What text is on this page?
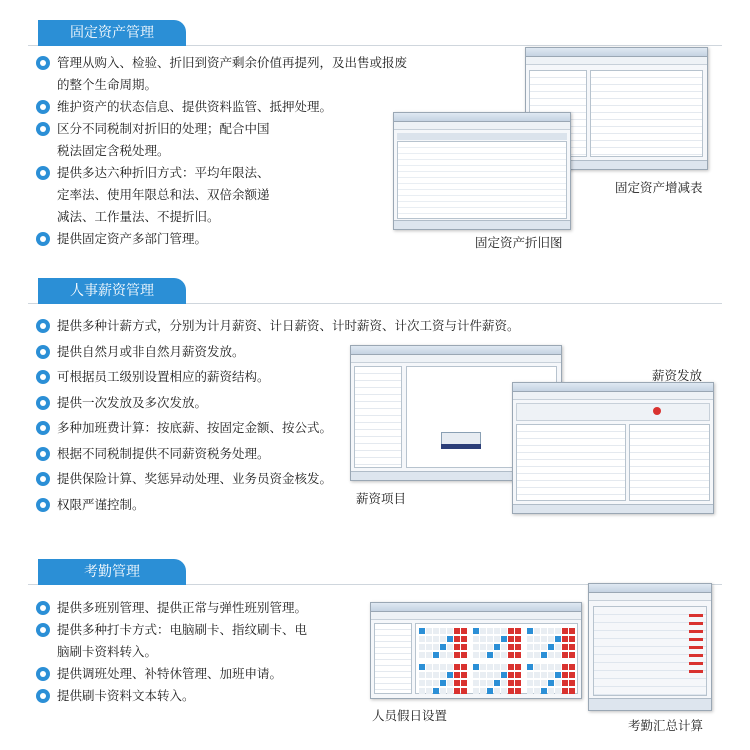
固定资产管理
管理从购入、检验、折旧到资产剩余价值再提列，及出售或报废
的整个生命周期。
维护资产的状态信息、提供资料监管、抵押处理。
区分不同税制对折旧的处理；配合中国
税法固定含税处理。
提供多达六种折旧方式：平均年限法、
定率法、使用年限总和法、双倍余额递
减法、工作量法、不提折旧。
提供固定资产多部门管理。	固定资产折旧图
固定资产增减表
人事薪资管理
提供多种计薪方式，分别为计月薪资、计日薪资、计时薪资、计次工资与计件薪资。
提供自然月或非自然月薪资发放。
可根据员工级别设置相应的薪资结构。
提供一次发放及多次发放。
多种加班费计算：按底薪、按固定金额、按公式。
根据不同税制提供不同薪资税务处理。
提供保险计算、奖惩异动处理、业务员资金核发。
权限严谨控制。	薪资项目
薪资发放
考勤管理
提供多班别管理、提供正常与弹性班别管理。
提供多种打卡方式：电脑刷卡、指纹刷卡、电
脑刷卡资料转入。
提供调班处理、补特休管理、加班申请。
提供刷卡资料文本转入。
人员假日设置
考勤汇总计算
